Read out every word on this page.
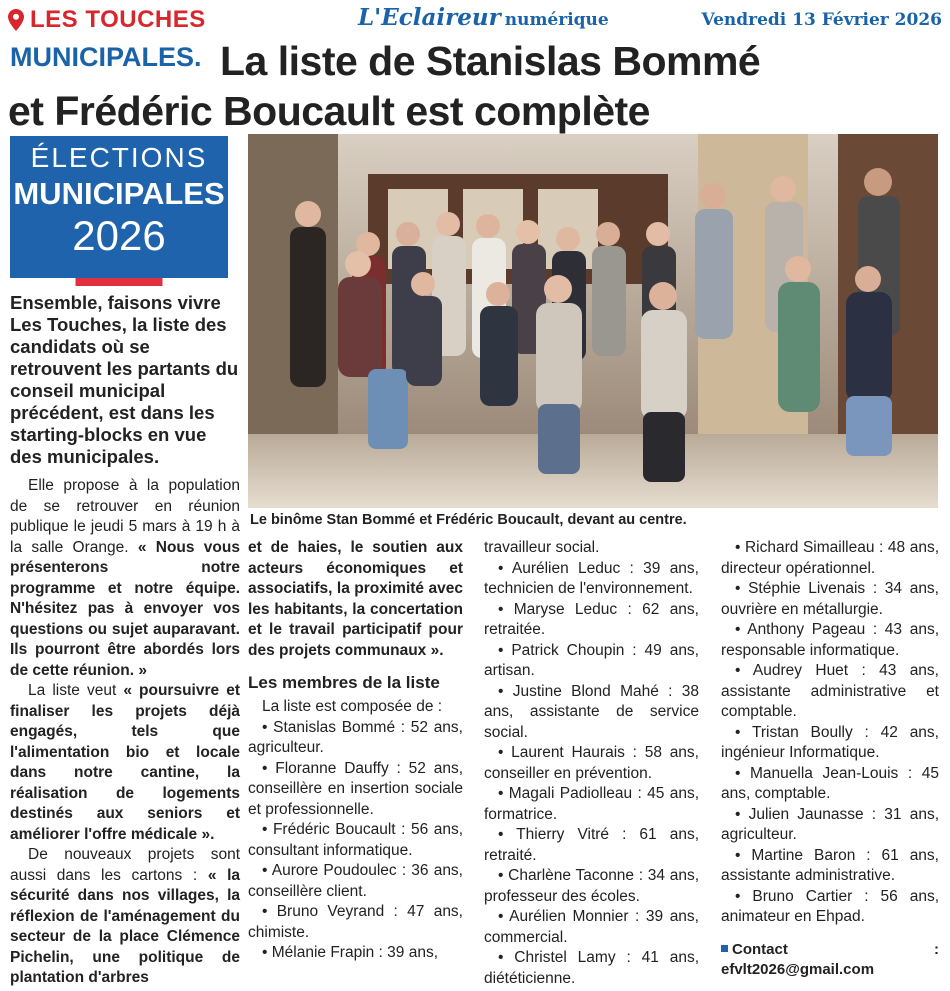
LES TOUCHES
MUNICIPALES.
L'Eclaireur numérique	Vendredi 13 Février 2026
La liste de Stanislas Bommé
et Frédéric Boucault est complète
ÉLECTIONS
MUNICIPALES
2026
Ensemble, faisons vivre Les Touches, la liste des candidats où se retrouvent les partants du conseil municipal précédent, est dans les starting-blocks en vue des municipales.

Elle propose à la population de se retrouver en réunion publique le jeudi 5 mars à 19 h à la salle Orange. « Nous vous présenterons notre programme et notre équipe. N'hésitez pas à envoyer vos questions ou sujet auparavant. Ils pourront être abordés lors de cette réunion. »

La liste veut « poursuivre et finaliser les projets déjà engagés, tels que l'alimentation bio et locale dans notre cantine, la réalisation de logements destinés aux seniors et améliorer l'offre médicale ».

De nouveaux projets sont aussi dans les cartons : « la sécurité dans nos villages, la réflexion de l'aménagement du secteur de la place Clémence Pichelin, une politique de plantation d'arbres

Le binôme Stan Bommé et Frédéric Boucault, devant au centre.

et de haies, le soutien aux acteurs économiques et associatifs, la proximité avec les habitants, la concertation et le travail participatif pour des projets communaux ».

Les membres de la liste

La liste est composée de :

• Stanislas Bommé : 52 ans, agriculteur.

• Floranne Dauffy : 52 ans, conseillère en insertion sociale et professionnelle.

• Frédéric Boucault : 56 ans, consultant informatique.

• Aurore Poudoulec : 36 ans, conseillère client.

• Bruno Veyrand : 47 ans, chimiste.

• Mélanie Frapin : 39 ans,

travailleur social.

• Aurélien Leduc : 39 ans, technicien de l'environnement.

• Maryse Leduc : 62 ans, retraitée.

• Patrick Choupin : 49 ans, artisan.

• Justine Blond Mahé : 38 ans, assistante de service social.

• Laurent Haurais : 58 ans, conseiller en prévention.

• Magali Padiolleau : 45 ans, formatrice.

• Thierry Vitré : 61 ans, retraité.

• Charlène Taconne : 34 ans, professeur des écoles.

• Aurélien Monnier : 39 ans, commercial.

• Christel Lamy : 41 ans, diététicienne.

• Richard Simailleau : 48 ans, directeur opérationnel.

• Stéphie Livenais : 34 ans, ouvrière en métallurgie.

• Anthony Pageau : 43 ans, responsable informatique.

• Audrey Huet : 43 ans, assistante administrative et comptable.

• Tristan Boully : 42 ans, ingénieur Informatique.

• Manuella Jean-Louis : 45 ans, comptable.

• Julien Jaunasse : 31 ans, agriculteur.

• Martine Baron : 61 ans, assistante administrative.

• Bruno Cartier : 56 ans, animateur en Ehpad.

Contact : efvlt2026@gmail.com
